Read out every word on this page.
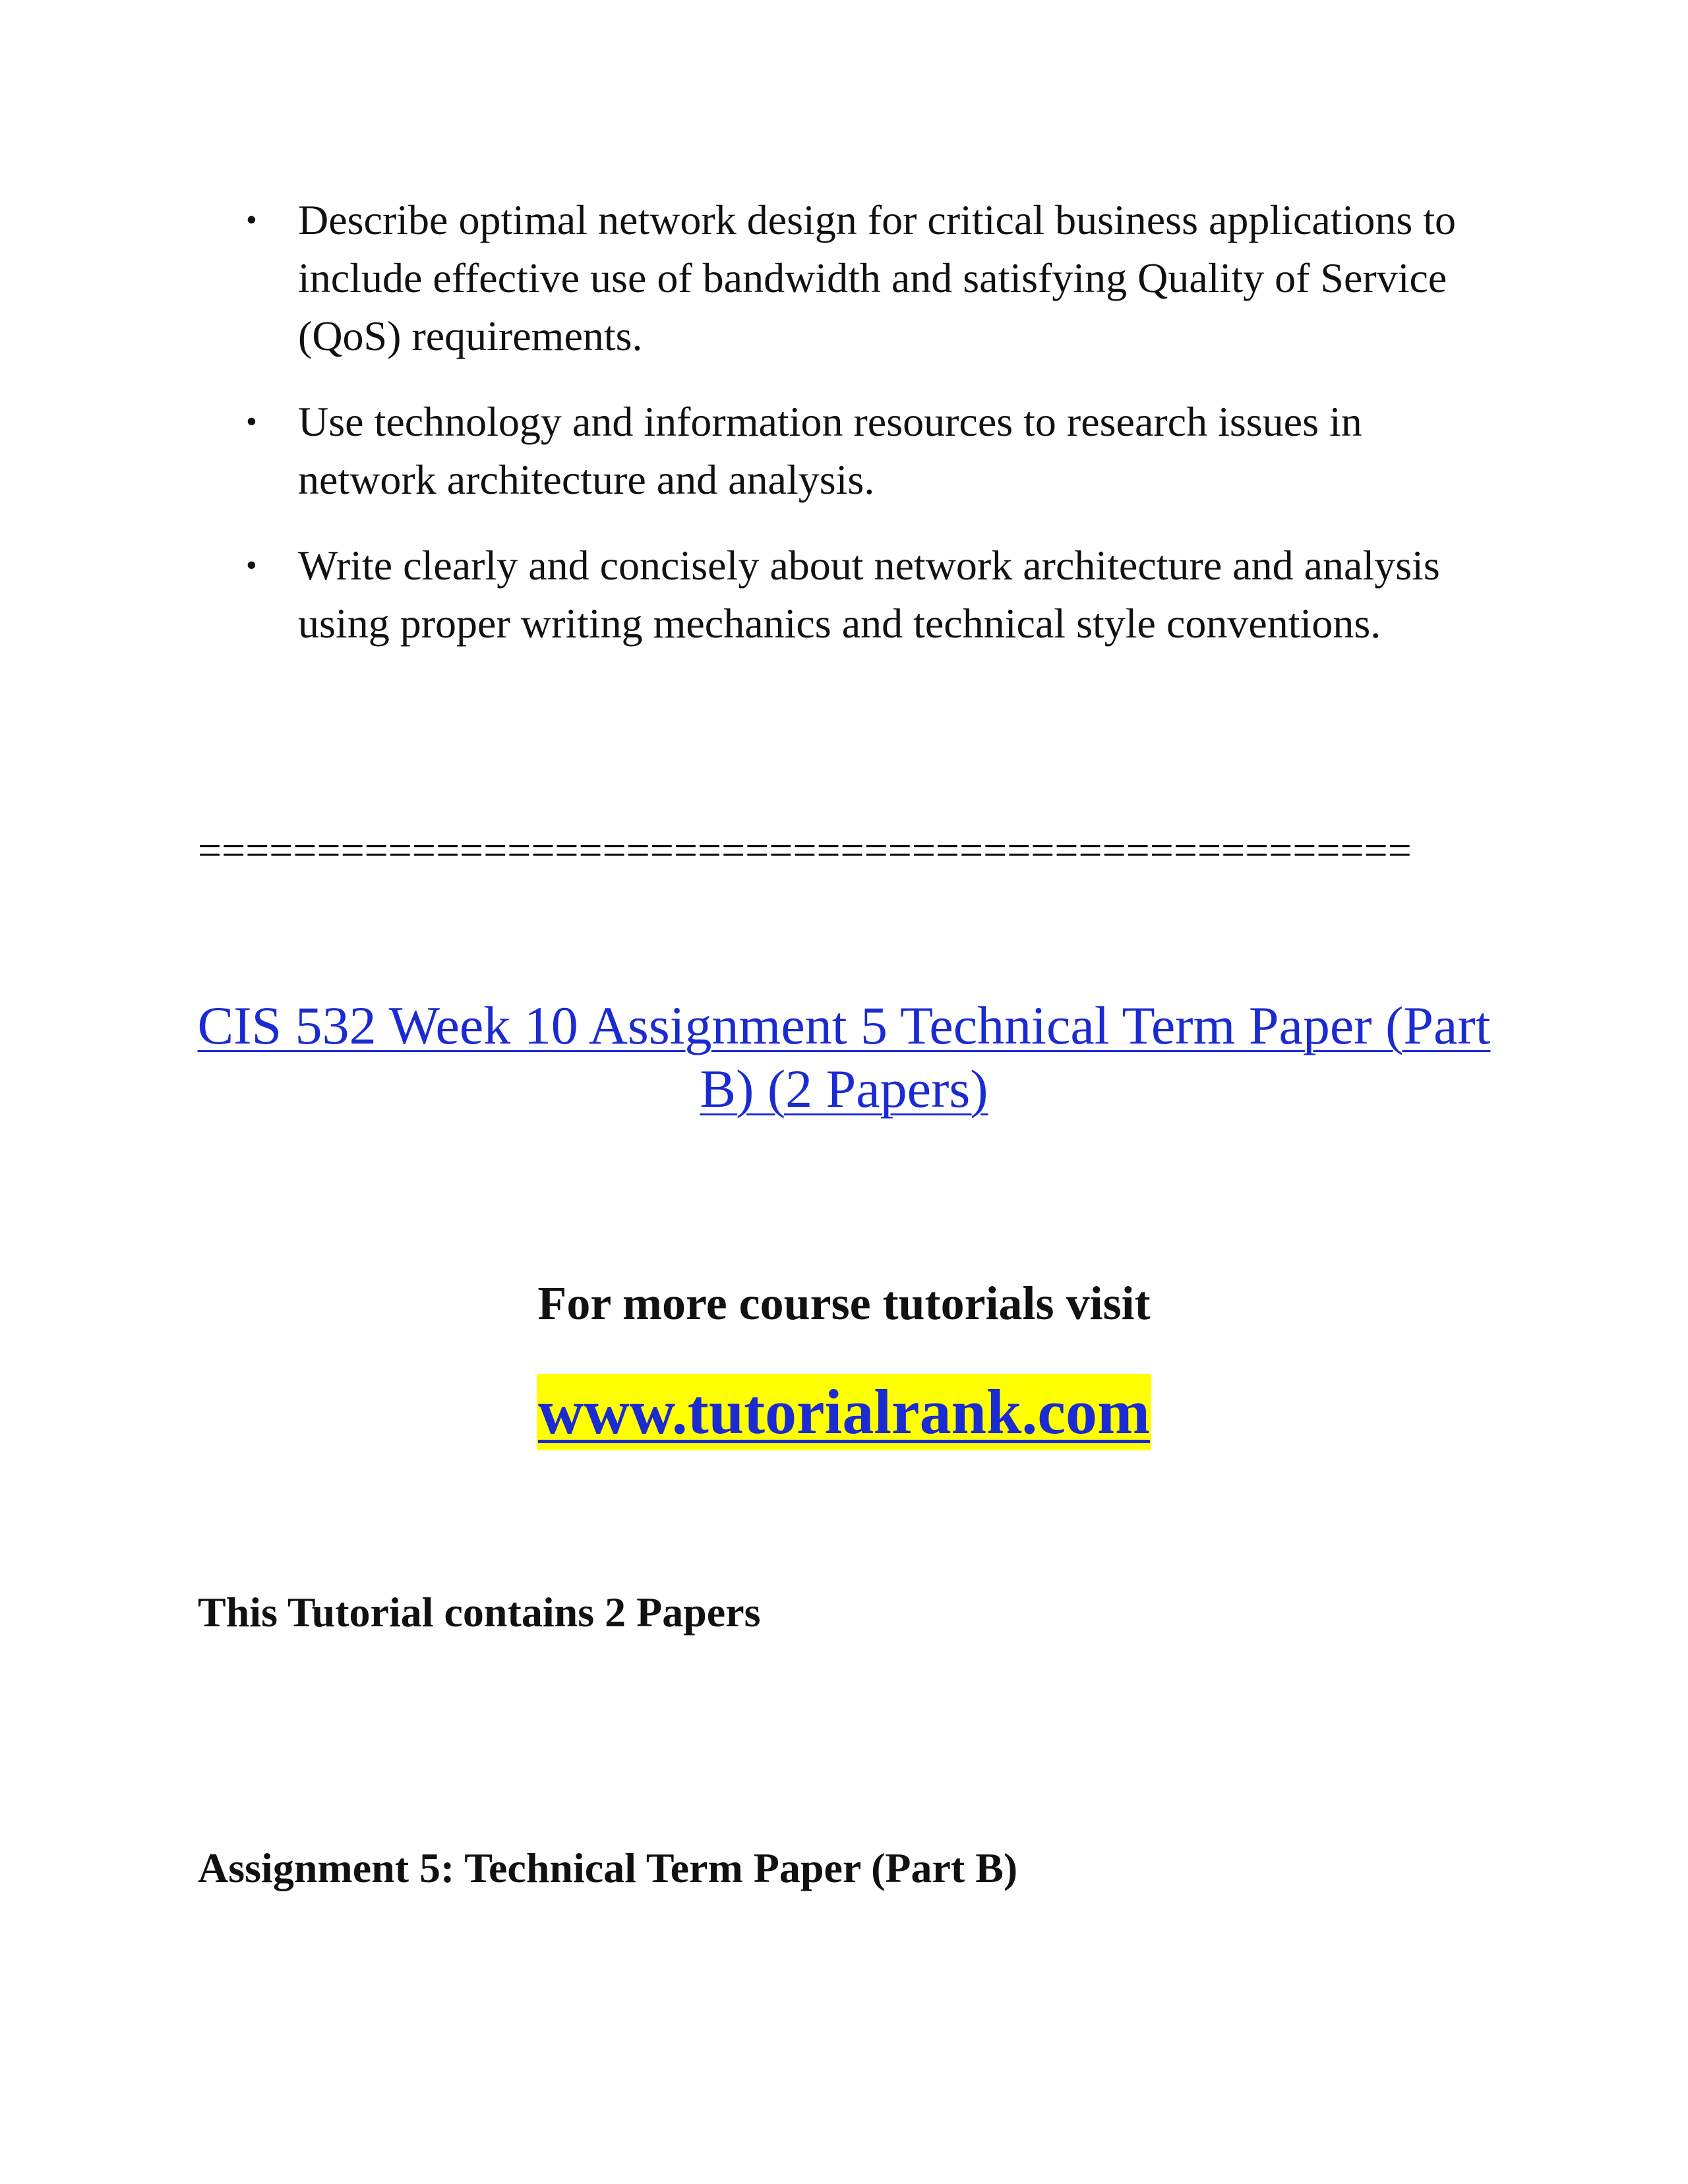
• Describe optimal network design for critical business applications to include effective use of bandwidth and satisfying Quality of Service (QoS) requirements.
• Use technology and information resources to research issues in network architecture and analysis.
• Write clearly and concisely about network architecture and analysis using proper writing mechanics and technical style conventions.
===================================================
CIS 532 Week 10 Assignment 5 Technical Term Paper (Part B) (2 Papers)
For more course tutorials visit
www.tutorialrank.com
This Tutorial contains 2 Papers
Assignment 5: Technical Term Paper (Part B)
